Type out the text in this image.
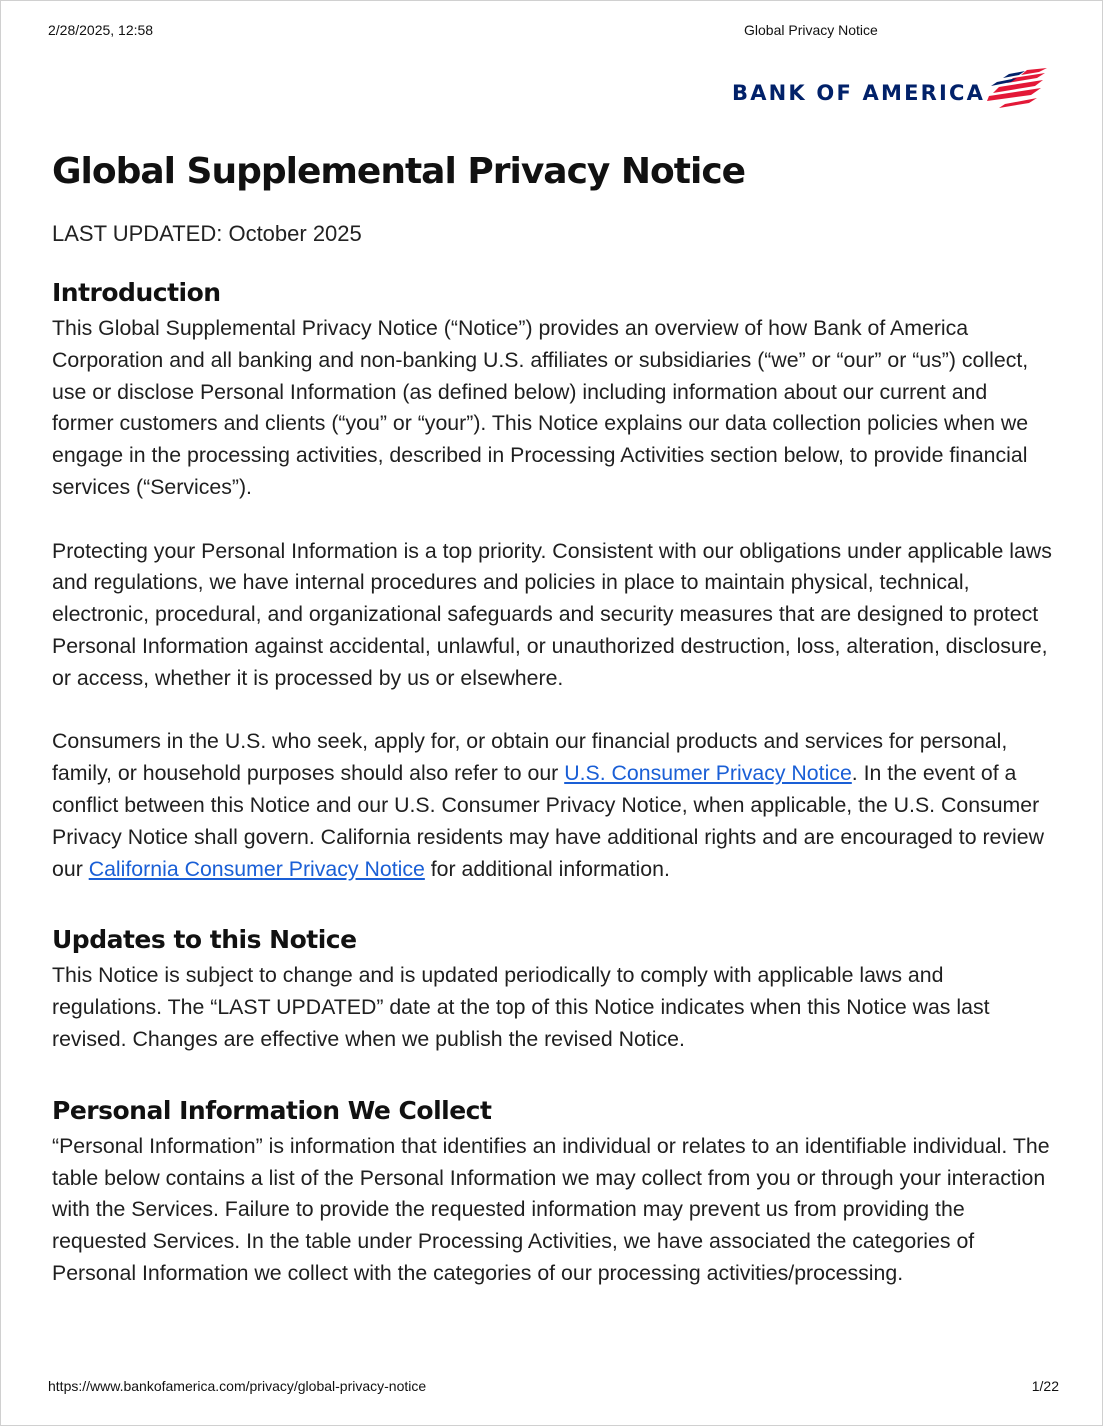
2/28/2025, 12:58	Global Privacy Notice
BANK OF AMERICA
Global Supplemental Privacy Notice
LAST UPDATED: October 2025
Introduction

This Global Supplemental Privacy Notice (“Notice”) provides an overview of how Bank of America Corporation and all banking and non-banking U.S. affiliates or subsidiaries (“we” or “our” or “us”) collect, use or disclose Personal Information (as defined below) including information about our current and former customers and clients (“you” or “your”). This Notice explains our data collection policies when we engage in the processing activities, described in Processing Activities section below, to provide financial services (“Services”).

Protecting your Personal Information is a top priority. Consistent with our obligations under applicable laws and regulations, we have internal procedures and policies in place to maintain physical, technical, electronic, procedural, and organizational safeguards and security measures that are designed to protect Personal Information against accidental, unlawful, or unauthorized destruction, loss, alteration, disclosure, or access, whether it is processed by us or elsewhere.

Consumers in the U.S. who seek, apply for, or obtain our financial products and services for personal, family, or household purposes should also refer to our U.S. Consumer Privacy Notice. In the event of a conflict between this Notice and our U.S. Consumer Privacy Notice, when applicable, the U.S. Consumer Privacy Notice shall govern. California residents may have additional rights and are encouraged to review our California Consumer Privacy Notice for additional information.

Updates to this Notice

This Notice is subject to change and is updated periodically to comply with applicable laws and regulations. The “LAST UPDATED” date at the top of this Notice indicates when this Notice was last revised. Changes are effective when we publish the revised Notice.

Personal Information We Collect

“Personal Information” is information that identifies an individual or relates to an identifiable individual. The table below contains a list of the Personal Information we may collect from you or through your interaction with the Services. Failure to provide the requested information may prevent us from providing the requested Services. In the table under Processing Activities, we have associated the categories of Personal Information we collect with the categories of our processing activities/processing.

https://www.bankofamerica.com/privacy/global-privacy-notice	1/22
